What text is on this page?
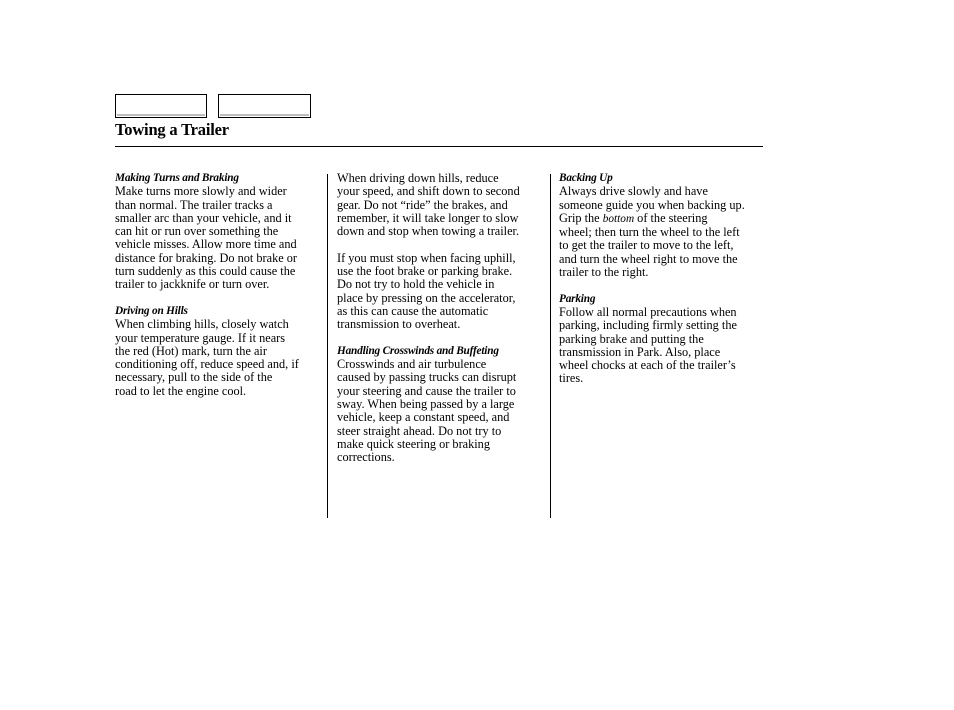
Towing a Trailer
Making Turns and Braking
Make turns more slowly and wider
than normal. The trailer tracks a
smaller arc than your vehicle, and it
can hit or run over something the
vehicle misses. Allow more time and
distance for braking. Do not brake or
turn suddenly as this could cause the
trailer to jackknife or turn over.
Driving on Hills
When climbing hills, closely watch
your temperature gauge. If it nears
the red (Hot) mark, turn the air
conditioning off, reduce speed and, if
necessary, pull to the side of the
road to let the engine cool.
When driving down hills, reduce
your speed, and shift down to second
gear. Do not “ride” the brakes, and
remember, it will take longer to slow
down and stop when towing a trailer.
If you must stop when facing uphill,
use the foot brake or parking brake.
Do not try to hold the vehicle in
place by pressing on the accelerator,
as this can cause the automatic
transmission to overheat.
Handling Crosswinds and Buffeting
Crosswinds and air turbulence
caused by passing trucks can disrupt
your steering and cause the trailer to
sway. When being passed by a large
vehicle, keep a constant speed, and
steer straight ahead. Do not try to
make quick steering or braking
corrections.
Backing Up
Always drive slowly and have
someone guide you when backing up.
Grip the bottom of the steering
wheel; then turn the wheel to the left
to get the trailer to move to the left,
and turn the wheel right to move the
trailer to the right.
Parking
Follow all normal precautions when
parking, including firmly setting the
parking brake and putting the
transmission in Park. Also, place
wheel chocks at each of the trailer’s
tires.
